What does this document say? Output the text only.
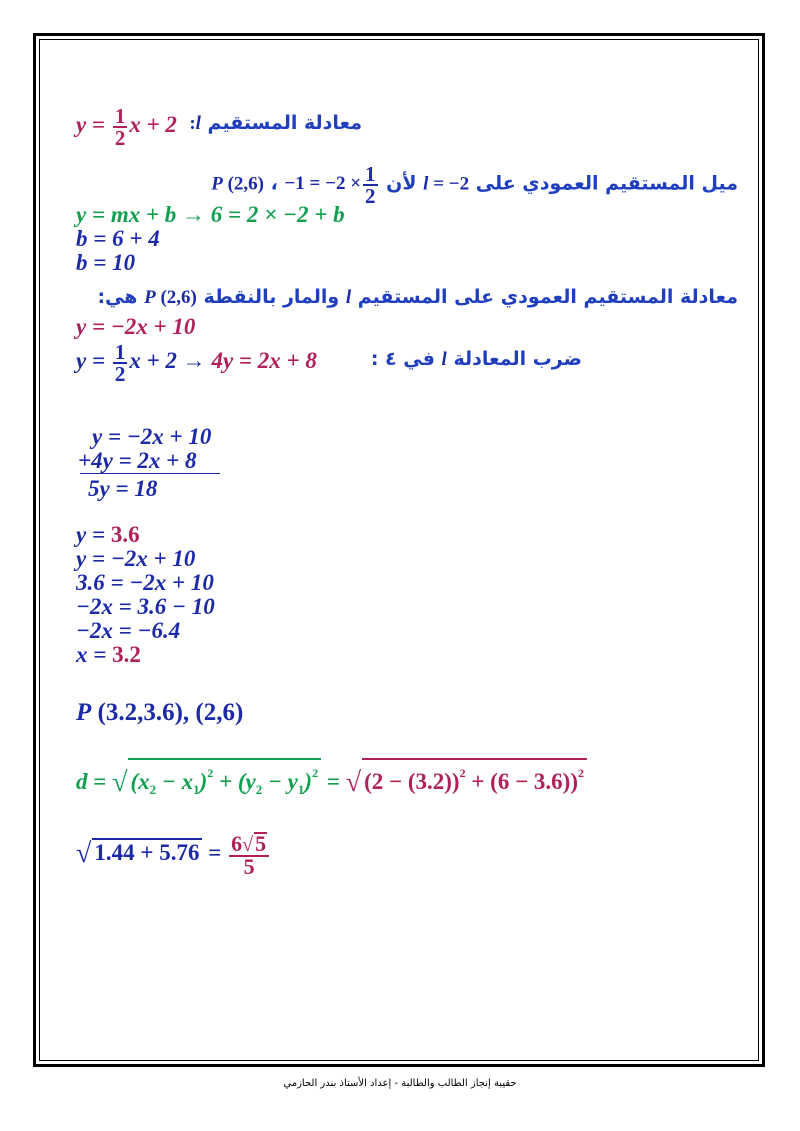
$y = \frac{1}{2}$ x + 2	معادلة المستقيم l:
ميل المستقيم العمودي على l = −2 لأن $-1 = -2 \times \frac{1}{2}$
، P (2,6)
y = mx + b → 6 = 2 × −2 + b
b = 6 + 4
b = 10
معادلة المستقيم العمودي على المستقيم l والمار بالنقطة P (2,6) هي:
y = −2x + 10
$y = \frac{1}{2}$ x + 2 → 4y = 2x + 8	ضرب المعادلة l في ٤ :
y = −2x + 10
+4y = 2x + 8
5y = 18
y = 3.6
y = −2x + 10
3.6 = −2x + 10
−2x = 3.6 − 10
−2x = −6.4
x = 3.2
P (3.2,3.6), (2,6)
d = √ $(x_2 - x_1)^2 + (y_2 - y_1)^2$ = √ $(2 - (3.2))^2 + (6 - 3.6))^2$
√ $1.44 + 5.76 = \frac{6√5}{5}$
حقيبة إنجاز الطالب والطالبة - إعداد الأستاذ بندر الحازمي
